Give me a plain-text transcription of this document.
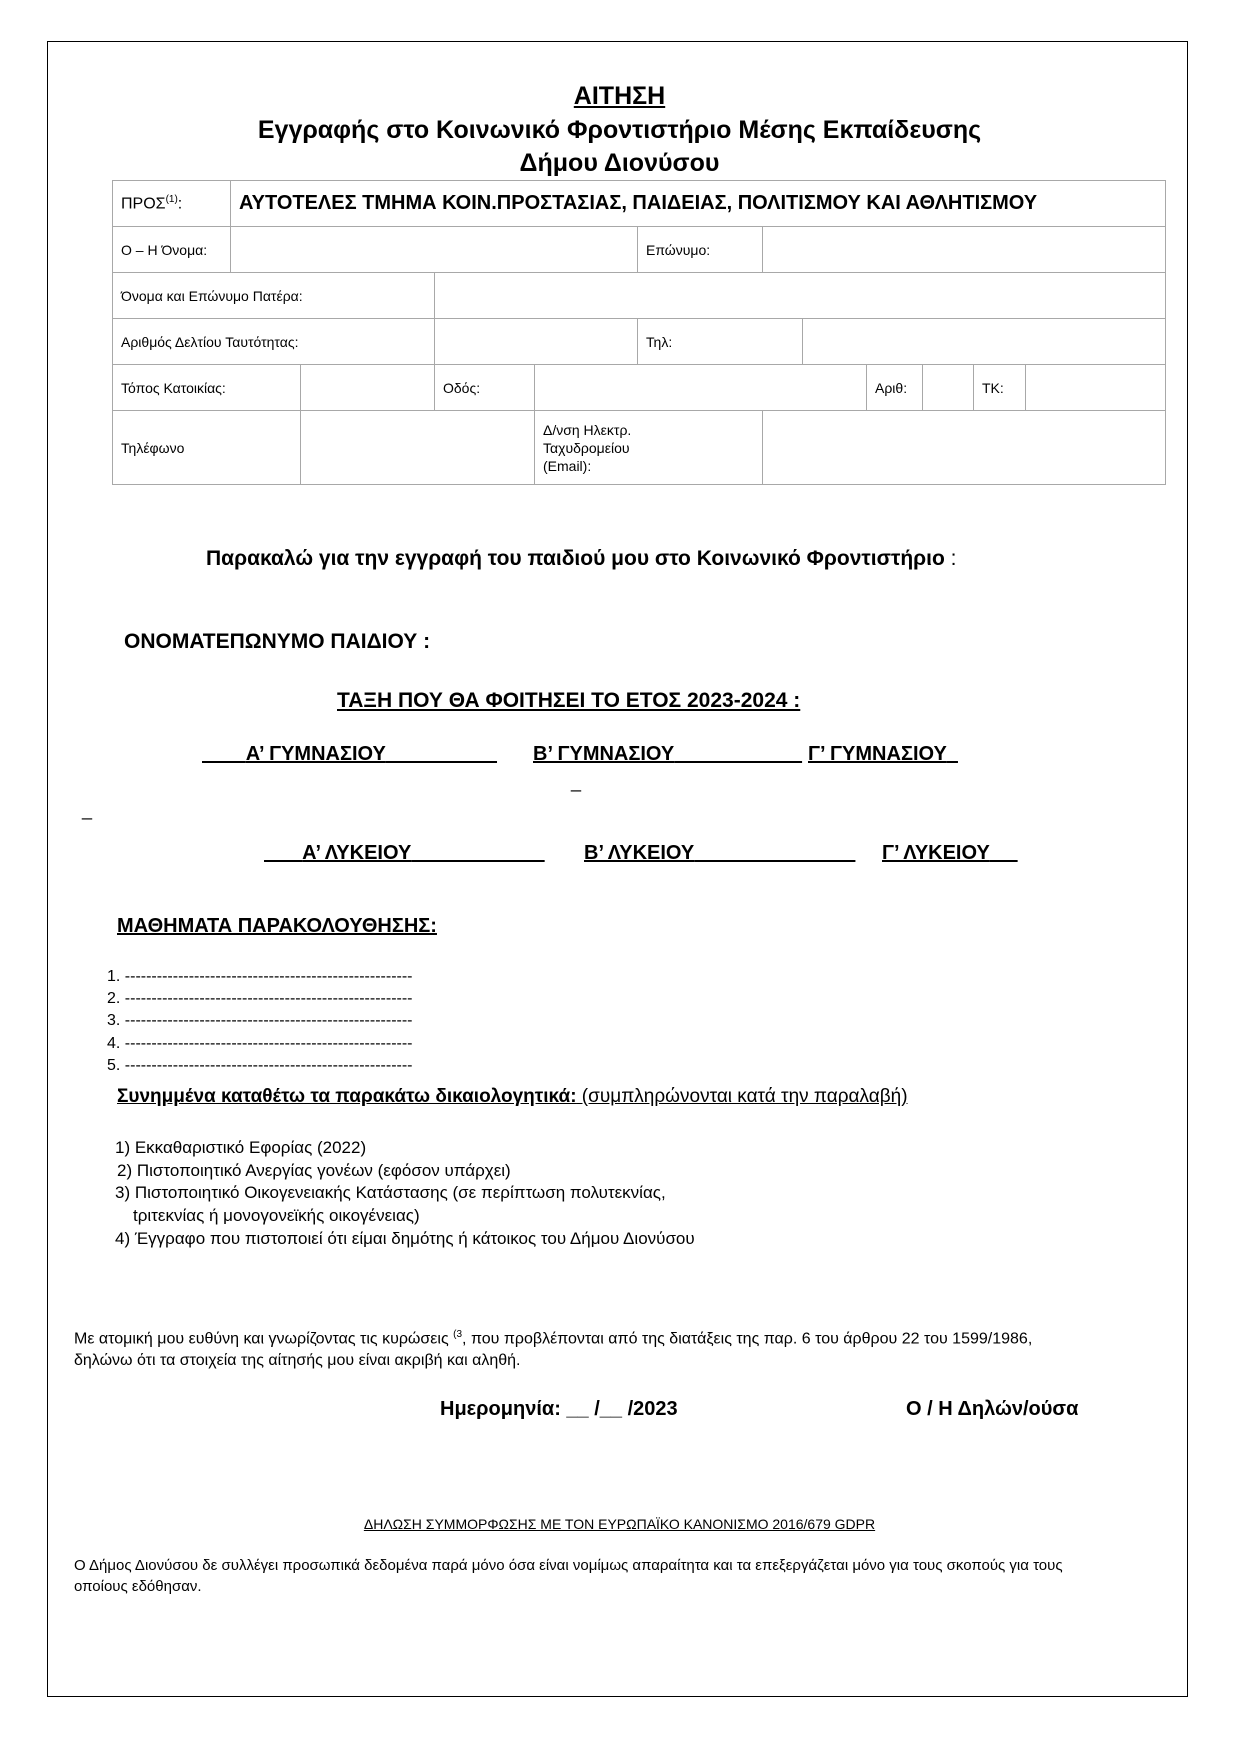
ΑΙΤΗΣΗ
Εγγραφής στο Κοινωνικό Φροντιστήριο Μέσης Εκπαίδευσης
Δήμου Διονύσου
ΠΡΟΣ$^{(1)}$:	ΑΥΤΟΤΕΛΕΣ ΤΜΗΜΑ ΚΟΙΝ.ΠΡΟΣΤΑΣΙΑΣ, ΠΑΙΔΕΙΑΣ, ΠΟΛΙΤΙΣΜΟΥ ΚΑΙ ΑΘΛΗΤΙΣΜΟΥ										
Ο – Η Όνομα:					Επώνυμο:						
Όνομα και Επώνυμο Πατέρα:											
Αριθμός Δελτίου Ταυτότητας:					Τηλ:						
Τόπος Κατοικίας:			Οδός:					Αριθ:		ΤΚ:	
Τηλέφωνο				Δ/νση Ηλεκτρ.
Ταχυδρομείου
(Email):							
Παρακαλώ για την εγγραφή του παιδιού μου στο Κοινωνικό Φροντιστήριο :
ΟΝΟΜΑΤΕΠΩΝΥΜΟ ΠΑΙΔΙΟΥ :
ΤΑΞΗ ΠΟΥ ΘΑ ΦΟΙΤΗΣΕΙ ΤΟ ΕΤΟΣ 2023-2024 :
Α’ ΓΥΜΝΑΣΙΟΥ	Β’ ΓΥΜΝΑΣΙΟΥ	Γ’ ΓΥΜΝΑΣΙΟΥ
_
_
Α’ ΛΥΚΕΙΟΥ	Β’ ΛΥΚΕΙΟΥ	Γ’ ΛΥΚΕΙΟΥ
ΜΑΘΗΜΑΤΑ ΠΑΡΑΚΟΛΟΥΘΗΣΗΣ:
1. ------------------------------------------------------
2. ------------------------------------------------------
3. ------------------------------------------------------
4. ------------------------------------------------------
5. ------------------------------------------------------
Συνημμένα καταθέτω τα παρακάτω δικαιολογητικά: (συμπληρώνονται κατά την παραλαβή)
1) Εκκαθαριστικό Εφορίας (2022)
2) Πιστοποιητικό Ανεργίας γονέων (εφόσον υπάρχει)
3) Πιστοποιητικό Οικογενειακής Κατάστασης (σε περίπτωση πολυτεκνίας,
tριτεκνίας ή μονογονεϊκής οικογένειας)
4) Έγγραφο που πιστοποιεί ότι είμαι δημότης ή κάτοικος του Δήμου Διονύσου
Με ατομική μου ευθύνη και γνωρίζοντας τις κυρώσεις $^{(3}$, που προβλέπονται από της διατάξεις της παρ. 6 του άρθρου 22 του 1599/1986,
δηλώνω ότι τα στοιχεία της αίτησής μου είναι ακριβή και αληθή.
Ημερομηνία: __ /__ /2023	Ο / Η Δηλών/ούσα
ΔΗΛΩΣΗ ΣΥΜΜΟΡΦΩΣΗΣ ΜΕ ΤΟΝ ΕΥΡΩΠΑΪΚΟ ΚΑΝΟΝΙΣΜΟ 2016/679 GDPR
Ο Δήμος Διονύσου δε συλλέγει προσωπικά δεδομένα παρά μόνο όσα είναι νομίμως απαραίτητα και τα επεξεργάζεται μόνο για τους σκοπούς για τους
οποίους εδόθησαν.
